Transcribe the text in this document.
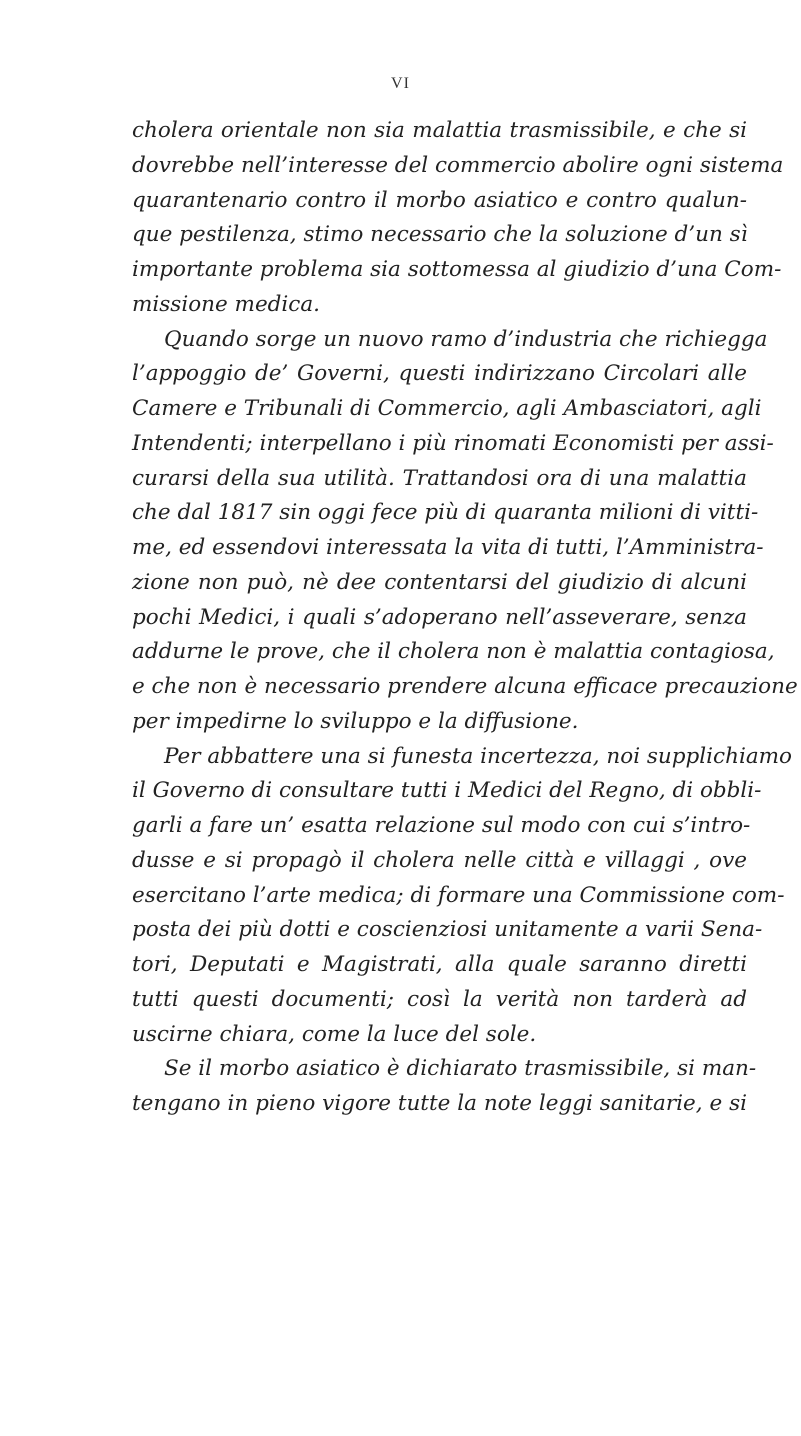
VI
cholera orientale non sia malattia trasmissibile, e che si
dovrebbe nell’interesse del commercio abolire ogni sistema
quarantenario contro il morbo asiatico e contro qualun-
que pestilenza, stimo necessario che la soluzione d’un sì
importante problema sia sottomessa al giudizio d’una Com-
missione medica.
Quando sorge un nuovo ramo d’industria che richiegga
l’appoggio de’ Governi, questi indirizzano Circolari alle
Camere e Tribunali di Commercio, agli Ambasciatori, agli
Intendenti; interpellano i più rinomati Economisti per assi-
curarsi della sua utilità. Trattandosi ora di una malattia
che dal 1817 sin oggi fece più di quaranta milioni di vitti-
me, ed essendovi interessata la vita di tutti, l’Amministra-
zione non può, nè dee contentarsi del giudizio di alcuni
pochi Medici, i quali s’adoperano nell’asseverare, senza
addurne le prove, che il cholera non è malattia contagiosa,
e che non è necessario prendere alcuna efficace precauzione
per impedirne lo sviluppo e la diffusione.
Per abbattere una si funesta incertezza, noi supplichiamo
il Governo di consultare tutti i Medici del Regno, di obbli-
garli a fare un’ esatta relazione sul modo con cui s’intro-
dusse e si propagò il cholera nelle città e villaggi , ove
esercitano l’arte medica; di formare una Commissione com-
posta dei più dotti e coscienziosi unitamente a varii Sena-
tori, Deputati e Magistrati, alla quale saranno diretti
tutti questi documenti; così la verità non tarderà ad
uscirne chiara, come la luce del sole.
Se il morbo asiatico è dichiarato trasmissibile, si man-
tengano in pieno vigore tutte la note leggi sanitarie, e si
